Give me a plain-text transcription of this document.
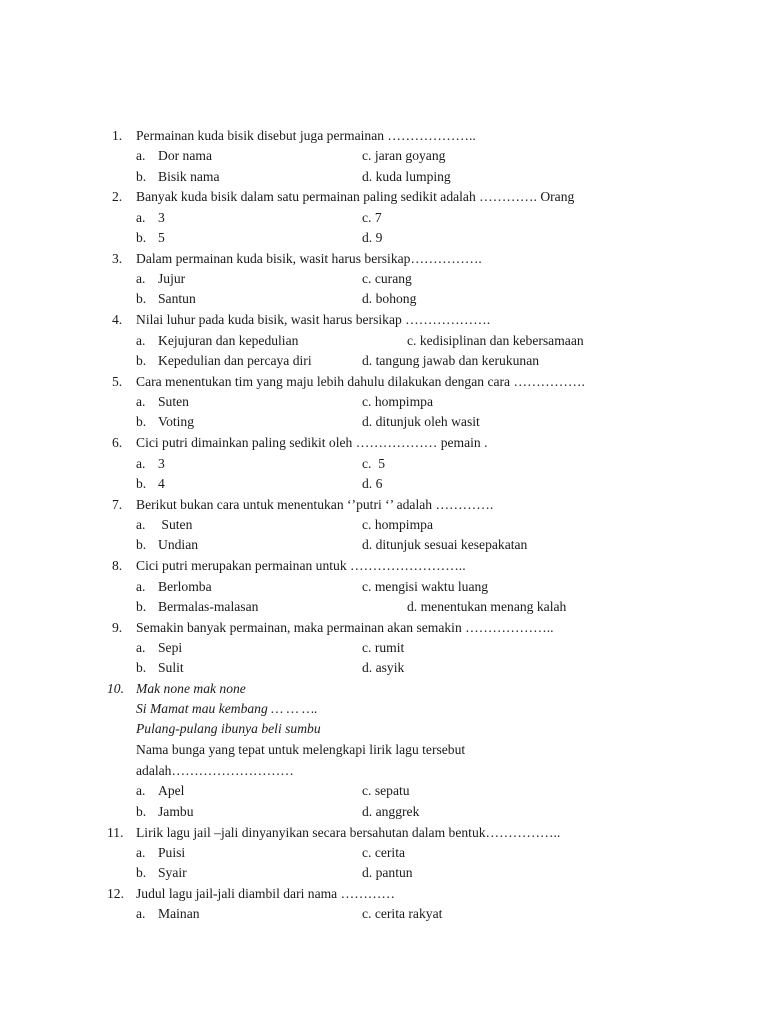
1. Permainan kuda bisik disebut juga permainan ………………..
a. Dor nama	c. jaran goyang
b. Bisik nama	d. kuda lumping
2. Banyak kuda bisik dalam satu permainan paling sedikit adalah …………. Orang
a. 3	c. 7
b. 5	d. 9
3. Dalam permainan kuda bisik, wasit harus bersikap…………….
a. Jujur	c. curang
b. Santun	d. bohong
4. Nilai luhur pada kuda bisik, wasit harus bersikap ……………….
a. Kejujuran dan kepedulian	c. kedisiplinan dan kebersamaan
b. Kepedulian dan percaya diri	d. tangung jawab dan kerukunan
5. Cara menentukan tim yang maju lebih dahulu dilakukan dengan cara …………….
a. Suten	c. hompimpa
b. Voting	d. ditunjuk oleh wasit
6. Cici putri dimainkan paling sedikit oleh ……………… pemain .
a. 3	c.  5
b. 4	d. 6
7. Berikut bukan cara untuk menentukan ‘’putri ‘’ adalah ………….
a. Suten	c. hompimpa
b. Undian	d. ditunjuk sesuai kesepakatan
8. Cici putri merupakan permainan untuk ……………………..
a. Berlomba	c. mengisi waktu luang
b. Bermalas-malasan	d. menentukan menang kalah
9. Semakin banyak permainan, maka permainan akan semakin ………………..
a. Sepi	c. rumit
b. Sulit	d. asyik
10. Mak none mak none
Si Mamat mau kembang … … ….
Pulang-pulang ibunya beli sumbu
Nama bunga yang tepat untuk melengkapi lirik lagu tersebut
adalah………………………
a. Apel	c. sepatu
b. Jambu	d. anggrek
11. Lirik lagu jail –jali dinyanyikan secara bersahutan dalam bentuk……………..
a. Puisi	c. cerita
b. Syair	d. pantun
12. Judul lagu jail-jali diambil dari nama …………
a. Mainan	c. cerita rakyat
